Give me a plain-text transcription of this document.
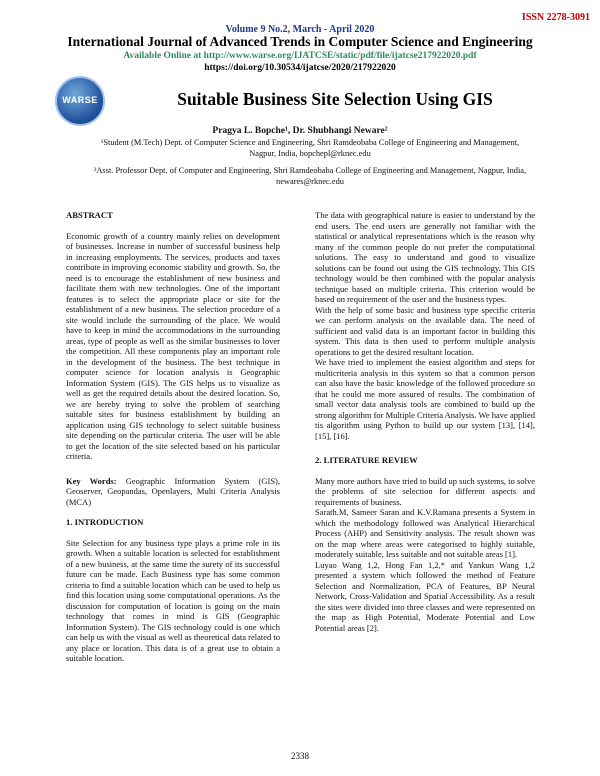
ISSN 2278-3091
Volume 9 No.2, March - April 2020
International Journal of Advanced Trends in Computer Science and Engineering
Available Online at http://www.warse.org/IJATCSE/static/pdf/file/ijatcse217922020.pdf
https://doi.org/10.30534/ijatcse/2020/217922020
WARSE	Suitable Business Site Selection Using GIS
Pragya L. Bopche¹, Dr. Shubhangi Neware²
¹Student (M.Tech) Dept. of Computer Science and Engineering, Shri Ramdeobaba College of Engineering and Management, Nagpur, India, bopchepl@rknec.edu
²Asst. Professor Dept. of Computer and Engineering, Shri Ramdeobaba College of Engineering and Management, Nagpur, India, newares@rknec.edu
ABSTRACT

Economic growth of a country mainly relies on development of businesses. Increase in number of successful business help in increasing employments. The services, products and taxes contribute in improving economic stability and growth. So, the need is to encourage the establishment of new business and facilitate them with new technologies. One of the important features is to select the appropriate place or site for the establishment of a new business. The selection procedure of a site would include the surrounding of the place. We would have to keep in mind the accommodations in the surrounding areas, type of people as well as the similar businesses to lover the competition. All these components play an important role in the development of the business. The best technique in computer science for location analysis is Geographic Information System (GIS). The GIS helps us to visualize as well as get the required details about the desired location. So, we are hereby trying to solve the problem of searching suitable sites for business establishment by building an application using GIS technology to select suitable business site depending on the particular criteria. The user will be able to get the location of the site selected based on his particular criteria.

Key Words: Geographic Information System (GIS), Geoserver, Geopandas, Openlayers, Multi Criteria Analysis (MCA)

1. INTRODUCTION

Site Selection for any business type plays a prime role in its growth. When a suitable location is selected for establishment of a new business, at the same time the surety of its successful future can be made. Each Business type has some common criteria to find a suitable location which can be used to help us find this location using some computational operations. As the discussion for computation of location is going on the main technology that comes in mind is GIS (Geographic Information System). The GIS technology could is one which can help us with the visual as well as theoretical data related to any place or location. This data is of a great use to obtain a suitable location.

The data with geographical nature is easier to understand by the end users. The end users are generally not familiar with the statistical or analytical representations which is the reason why many of the common people do not prefer the computational solutions. The easy to understand and good to visualize solutions can be found out using the GIS technology. This GIS technology would be then combined with the popular analysis technique based on multiple criteria. This criterion would be based on requirement of the user and the business types.

With the help of some basic and business type specific criteria we can perform analysis on the available data. The need of sufficient and valid data is an important factor in building this system. This data is then used to perform multiple analysis operations to get the desired resultant location.

We have tried to implement the easiest algorithm and steps for multicriteria analysis in this system so that a common person can also have the basic knowledge of the followed procedure so that he could me more assured of results. The combination of small vector data analysis tools are combined to build up the strong algorithm for Multiple Criteria Analysis. We have applied tis algorithm using Python to build up our system [13], [14], [15], [16].

2. LITERATURE REVIEW

Many more authors have tried to build up such systems, to solve the problems of site selection for different aspects and requirements of business.

Sarath.M, Sameer Saran and K.V.Ramana presents a System in which the methodology followed was Analytical Hierarchical Process (AHP) and Sensitivity analysis. The result shown was on the map where areas were categorised to highly suitable, moderately suitable, less suitable and not suitable areas [1].

Luyao Wang 1,2, Hong Fan 1,2,* and Yankun Wang 1,2 presented a system which followed the method of Feature Selection and Normalization, PCA of Features, BP Neural Network, Cross-Validation and Spatial Accessibility. As a result the sites were divided into three classes and were represented on the map as High Potential, Moderate Potential and Low Potential areas [2].

2338
